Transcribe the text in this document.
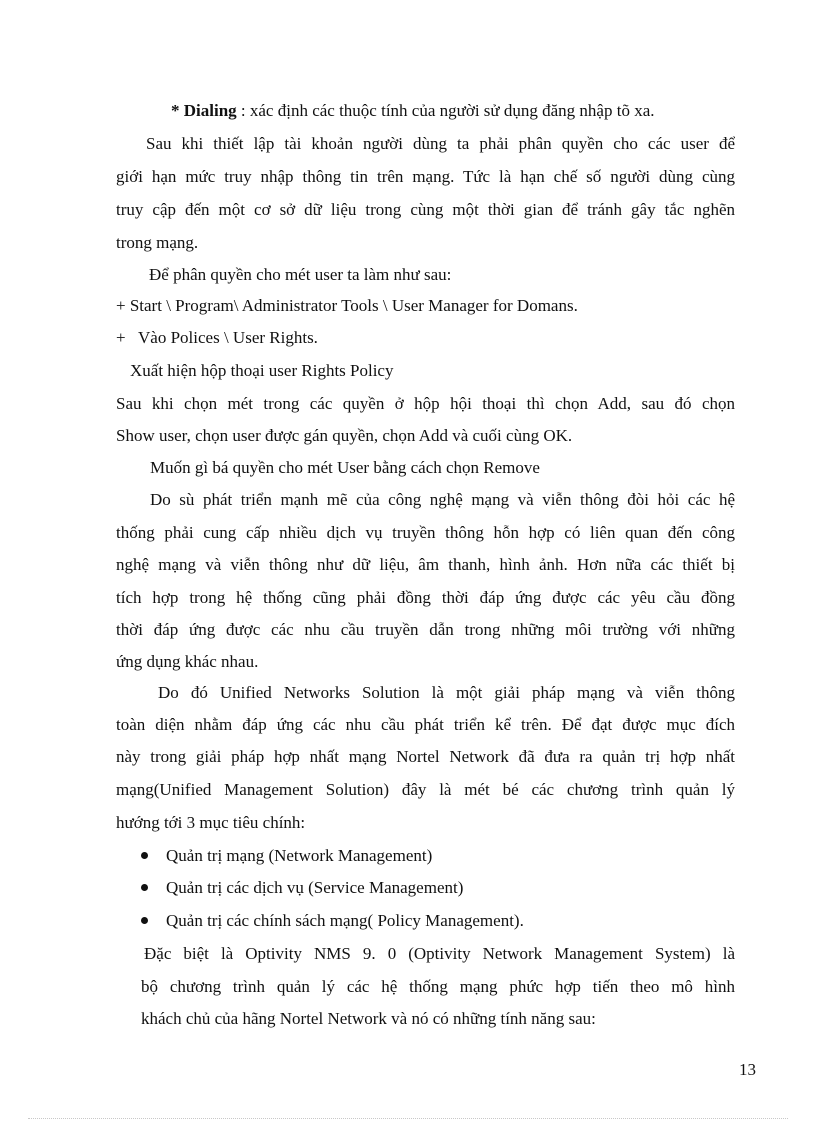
* Dialing : xác định các thuộc tính của người sử dụng đăng nhập tõ xa.
Sau khi thiết lập tài khoản người dùng ta phải phân quyền cho các user để
giới hạn mức truy nhập thông tin trên mạng. Tức là hạn chế số người dùng cùng
truy cập đến một cơ sở dữ liệu trong cùng một thời gian để tránh gây tắc nghẽn
trong mạng.
Để phân quyền cho mét user ta làm như sau:
+ Start \ Program\ Administrator Tools \ User Manager for Domans.
+   Vào Polices \ User Rights.
Xuất hiện hộp thoại user Rights Policy
Sau khi chọn mét trong các quyền ở hộp hội thoại thì chọn Add, sau đó chọn
Show user, chọn user được gán quyền, chọn Add và cuối cùng OK.
Muốn gì bá quyền cho mét User bằng cách chọn Remove
Do sù phát triển mạnh mẽ của công nghệ mạng và viễn thông đòi hỏi các hệ
thống phải cung cấp nhiều dịch vụ truyền thông hỗn hợp có liên quan đến công
nghệ mạng và viễn thông như dữ liệu, âm thanh, hình ảnh. Hơn nữa các thiết bị
tích hợp trong hệ thống cũng phải đồng thời đáp ứng được các yêu cầu đồng
thời đáp ứng được các nhu cầu truyền dẫn trong những môi trường với những
ứng dụng khác nhau.
Do đó Unified Networks Solution là một giải pháp mạng và viễn thông
toàn diện nhằm đáp ứng các nhu cầu phát triển kể trên. Để đạt được mục đích
này trong giải pháp hợp nhất mạng Nortel Network đã đưa ra quản trị hợp nhất
mạng(Unified Management Solution) đây là mét bé các chương trình quản lý
hướng tới 3 mục tiêu chính:
Quản trị mạng (Network Management)
Quản trị các dịch vụ (Service Management)
Quản trị các chính sách mạng( Policy Management).
Đặc biệt là Optivity NMS 9. 0 (Optivity Network Management System) là
bộ chương trình quản lý các hệ thống mạng phức hợp tiến theo mô hình
khách chủ của hãng Nortel Network và nó có những tính năng sau:
13
